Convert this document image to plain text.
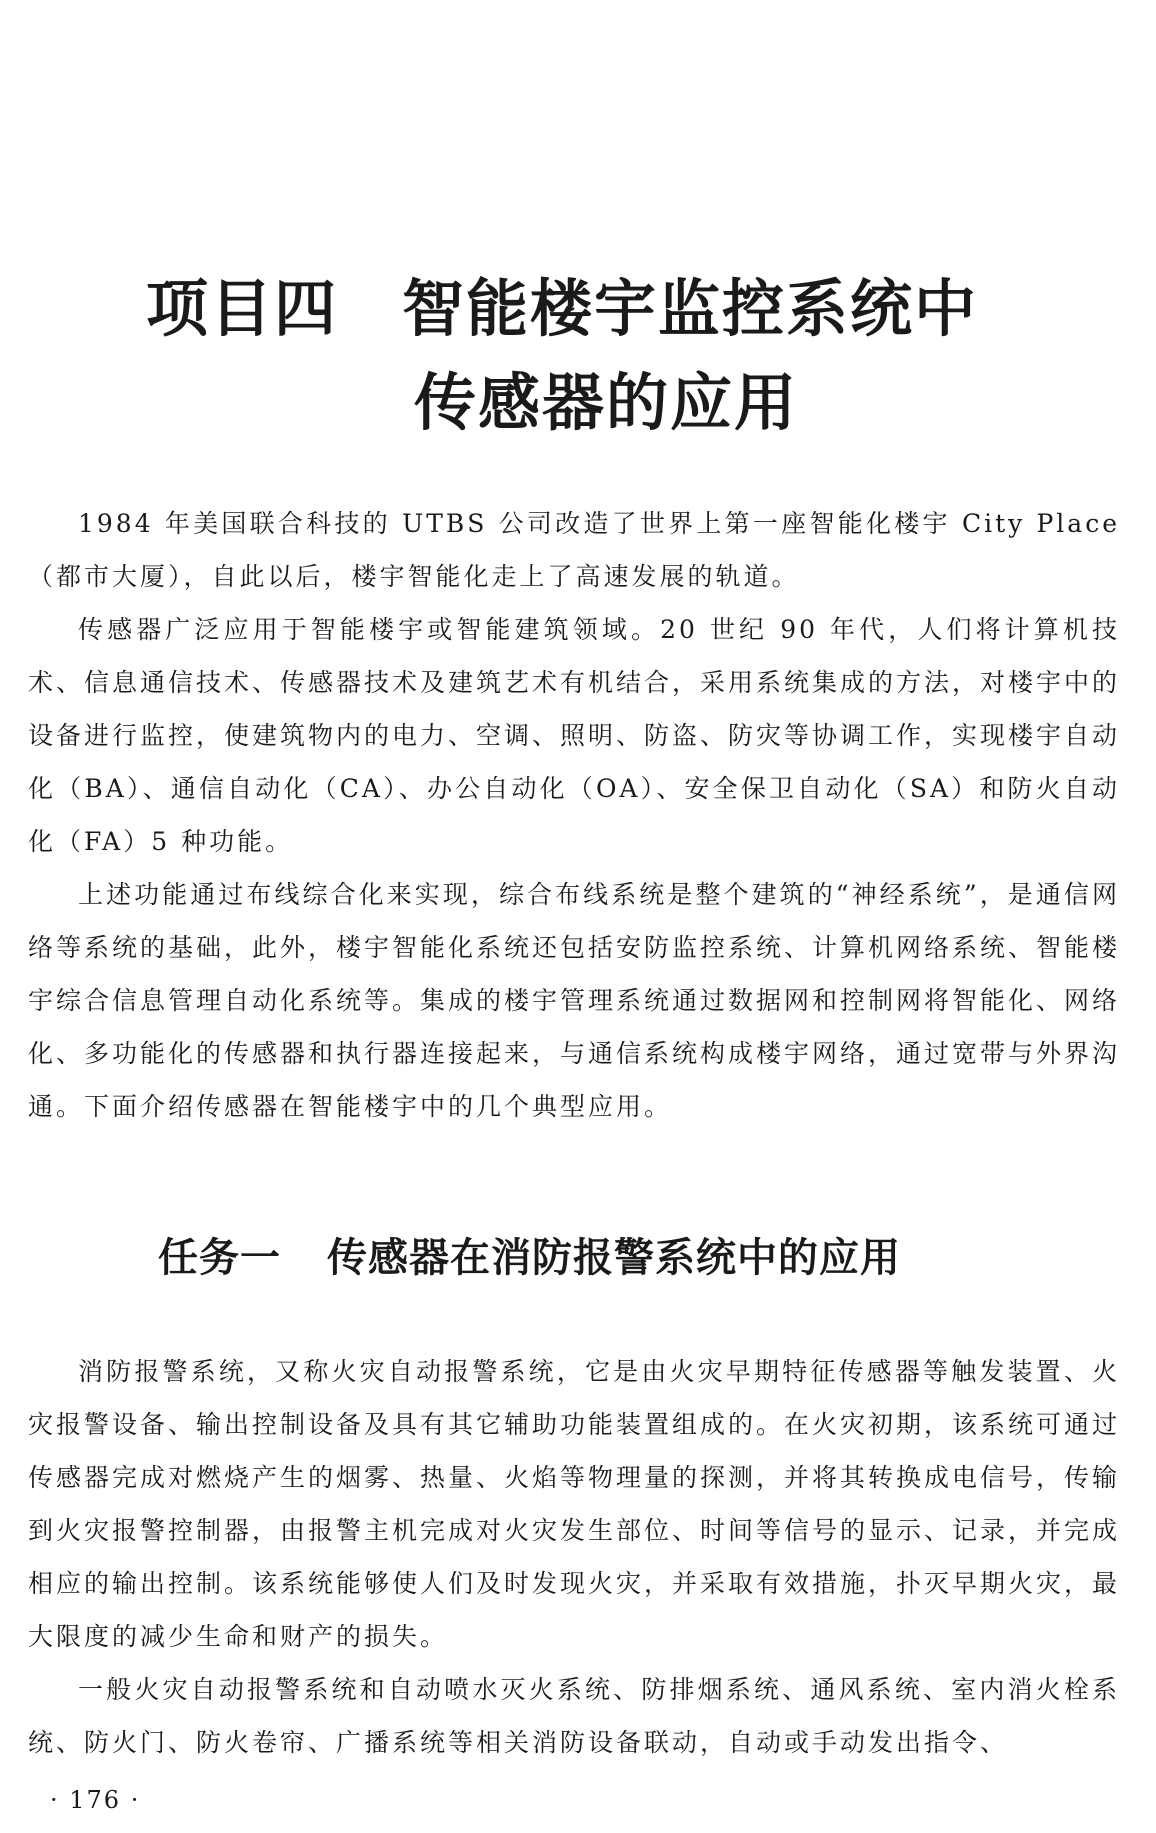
项目四 智能楼宇监控系统中
传感器的应用

1984 年美国联合科技的 UTBS 公司改造了世界上第一座智能化楼宇 City Place（都市大厦），自此以后，楼宇智能化走上了高速发展的轨道。

传感器广泛应用于智能楼宇或智能建筑领域。20 世纪 90 年代，人们将计算机技术、信息通信技术、传感器技术及建筑艺术有机结合，采用系统集成的方法，对楼宇中的设备进行监控，使建筑物内的电力、空调、照明、防盗、防灾等协调工作，实现楼宇自动化（BA）、通信自动化（CA）、办公自动化（OA）、安全保卫自动化（SA）和防火自动化（FA）5 种功能。

上述功能通过布线综合化来实现，综合布线系统是整个建筑的“神经系统”，是通信网络等系统的基础，此外，楼宇智能化系统还包括安防监控系统、计算机网络系统、智能楼宇综合信息管理自动化系统等。集成的楼宇管理系统通过数据网和控制网将智能化、网络化、多功能化的传感器和执行器连接起来，与通信系统构成楼宇网络，通过宽带与外界沟通。下面介绍传感器在智能楼宇中的几个典型应用。

任务一 传感器在消防报警系统中的应用

消防报警系统，又称火灾自动报警系统，它是由火灾早期特征传感器等触发装置、火灾报警设备、输出控制设备及具有其它辅助功能装置组成的。在火灾初期，该系统可通过传感器完成对燃烧产生的烟雾、热量、火焰等物理量的探测，并将其转换成电信号，传输到火灾报警控制器，由报警主机完成对火灾发生部位、时间等信号的显示、记录，并完成相应的输出控制。该系统能够使人们及时发现火灾，并采取有效措施，扑灭早期火灾，最大限度的减少生命和财产的损失。

一般火灾自动报警系统和自动喷水灭火系统、防排烟系统、通风系统、室内消火栓系统、防火门、防火卷帘、广播系统等相关消防设备联动，自动或手动发出指令、

· 176 ·
